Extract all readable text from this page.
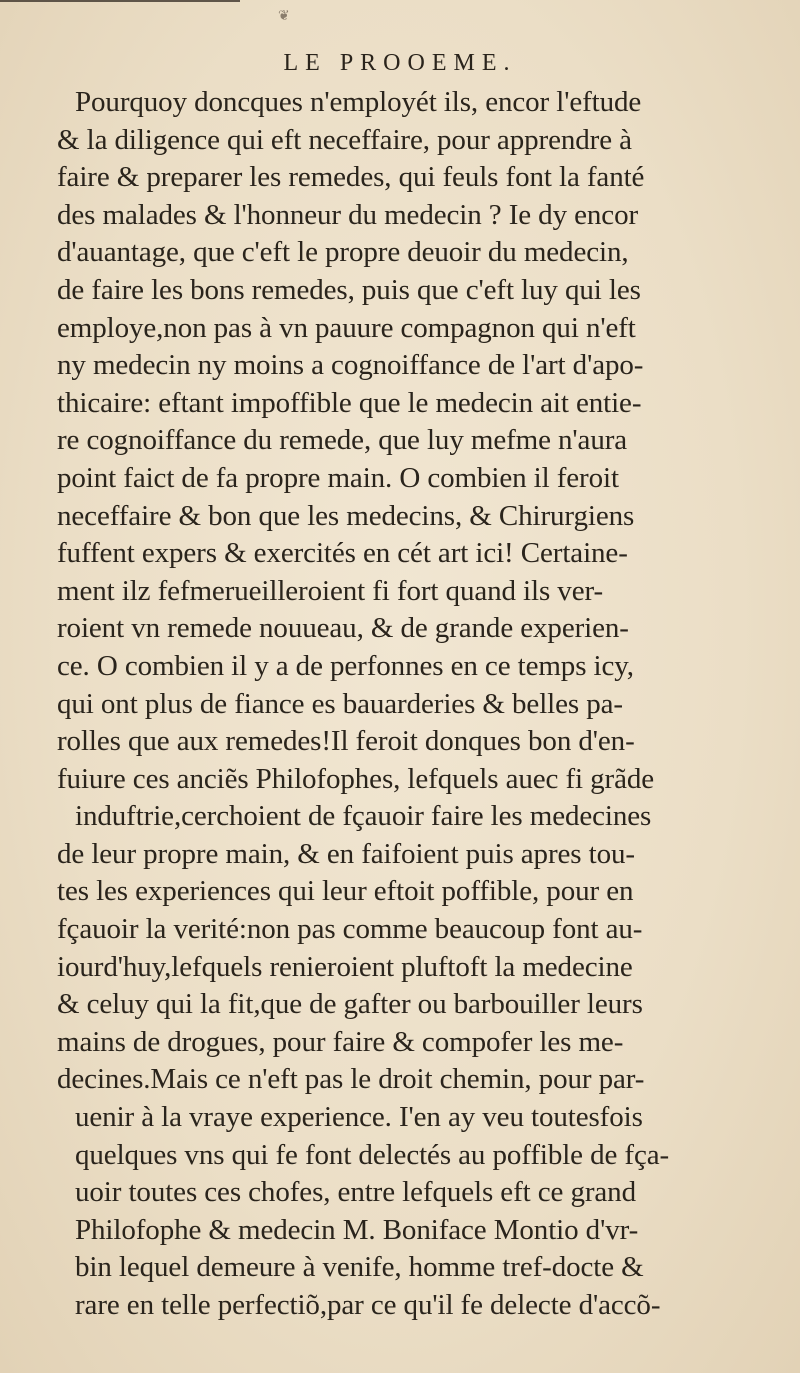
❦
LE PROOEME.
Pourquoy doncques n'employét ils, encor l'eftude
& la diligence qui eft neceffaire, pour apprendre à
faire & preparer les remedes, qui feuls font la fanté
des malades & l'honneur du medecin ? Ie dy encor
d'auantage, que c'eft le propre deuoir du medecin,
de faire les bons remedes, puis que c'eft luy qui les
employe,non pas à vn pauure compagnon qui n'eft
ny medecin ny moins a cognoiffance de l'art d'apo-
thicaire: eftant impoffible que le medecin ait entie-
re cognoiffance du remede, que luy mefme n'aura
point faict de fa propre main. O combien il feroit
neceffaire & bon que les medecins, & Chirurgiens
fuffent expers & exercités en cét art ici! Certaine-
ment ilz fefmerueilleroient fi fort quand ils ver-
roient vn remede nouueau, & de grande experien-
ce. O combien il y a de perfonnes en ce temps icy,
qui ont plus de fiance es bauarderies & belles pa-
rolles que aux remedes!Il feroit donques bon d'en-
fuiure ces anciẽs Philofophes, lefquels auec fi grãde
induftrie,cerchoient de fçauoir faire les medecines
de leur propre main, & en faifoient puis apres tou-
tes les experiences qui leur eftoit poffible, pour en
fçauoir la verité:non pas comme beaucoup font au-
iourd'huy,lefquels renieroient pluftoft la medecine
& celuy qui la fit,que de gafter ou barbouiller leurs
mains de drogues, pour faire & compofer les me-
decines.Mais ce n'eft pas le droit chemin, pour par-
uenir à la vraye experience. I'en ay veu toutesfois
quelques vns qui fe font delectés au poffible de fça-
uoir toutes ces chofes, entre lefquels eft ce grand
Philofophe & medecin M. Boniface Montio d'vr-
bin lequel demeure à venife, homme tref-docte &
rare en telle perfectiõ,par ce qu'il fe delecte d'accõ-
